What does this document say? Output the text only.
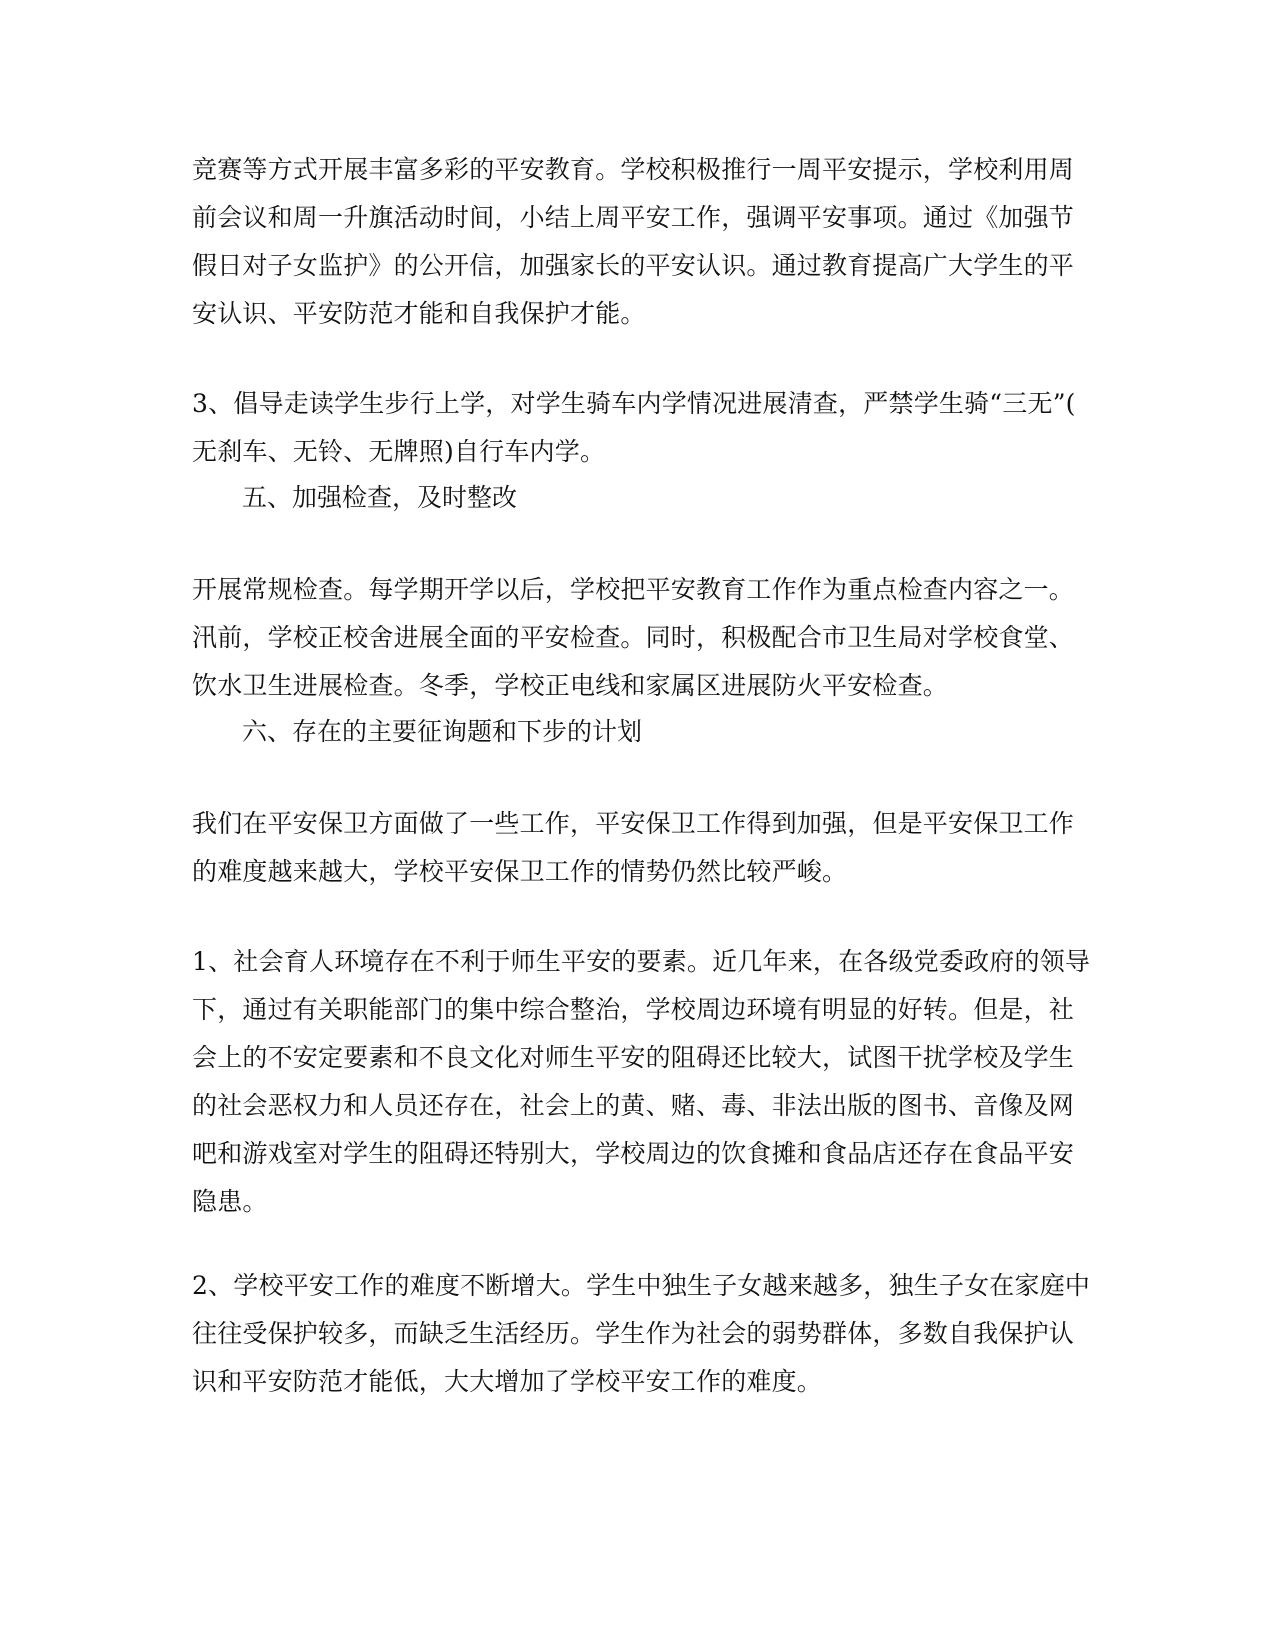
竞赛等方式开展丰富多彩的平安教育。学校积极推行一周平安提示，学校利用周
前会议和周一升旗活动时间，小结上周平安工作，强调平安事项。通过《加强节
假日对子女监护》的公开信，加强家长的平安认识。通过教育提高广大学生的平
安认识、平安防范才能和自我保护才能。

3、倡导走读学生步行上学，对学生骑车内学情况进展清查，严禁学生骑“三无”(
无刹车、无铃、无牌照)自行车内学。

五、加强检查，及时整改

开展常规检查。每学期开学以后，学校把平安教育工作作为重点检查内容之一。
汛前，学校正校舍进展全面的平安检查。同时，积极配合市卫生局对学校食堂、
饮水卫生进展检查。冬季，学校正电线和家属区进展防火平安检查。

六、存在的主要征询题和下步的计划

我们在平安保卫方面做了一些工作，平安保卫工作得到加强，但是平安保卫工作
的难度越来越大，学校平安保卫工作的情势仍然比较严峻。

1、社会育人环境存在不利于师生平安的要素。近几年来，在各级党委政府的领导
下，通过有关职能部门的集中综合整治，学校周边环境有明显的好转。但是，社
会上的不安定要素和不良文化对师生平安的阻碍还比较大，试图干扰学校及学生
的社会恶权力和人员还存在，社会上的黄、赌、毒、非法出版的图书、音像及网
吧和游戏室对学生的阻碍还特别大，学校周边的饮食摊和食品店还存在食品平安
隐患。

2、学校平安工作的难度不断增大。学生中独生子女越来越多，独生子女在家庭中
往往受保护较多，而缺乏生活经历。学生作为社会的弱势群体，多数自我保护认
识和平安防范才能低，大大增加了学校平安工作的难度。
